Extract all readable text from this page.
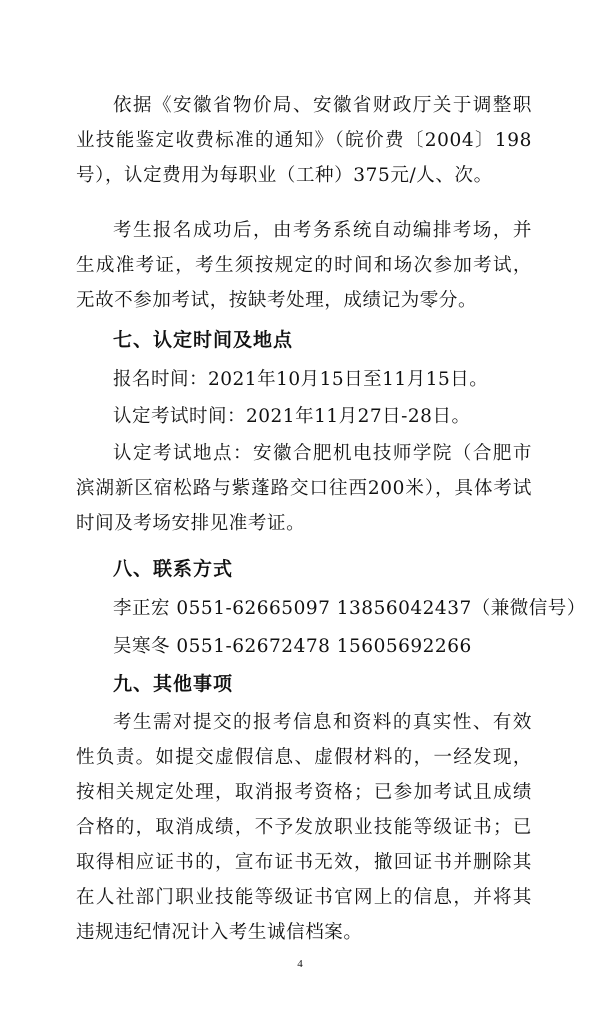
依据《安徽省物价局、安徽省财政厅关于调整职业技能鉴定收费标准的通知》（皖价费〔2004〕198号），认定费用为每职业（工种）375元/人、次。

考生报名成功后，由考务系统自动编排考场，并生成准考证，考生须按规定的时间和场次参加考试，无故不参加考试，按缺考处理，成绩记为零分。

七、认定时间及地点

报名时间：2021年10月15日至11月15日。

认定考试时间：2021年11月27日-28日。

认定考试地点：安徽合肥机电技师学院（合肥市滨湖新区宿松路与紫蓬路交口往西200米），具体考试时间及考场安排见准考证。

八、联系方式

李正宏 0551-62665097 13856042437（兼微信号）

吴寒冬 0551-62672478 15605692266

九、其他事项

考生需对提交的报考信息和资料的真实性、有效性负责。如提交虚假信息、虚假材料的，一经发现，按相关规定处理，取消报考资格；已参加考试且成绩合格的，取消成绩，不予发放职业技能等级证书；已取得相应证书的，宣布证书无效，撤回证书并删除其在人社部门职业技能等级证书官网上的信息，并将其违规违纪情况计入考生诚信档案。

4
